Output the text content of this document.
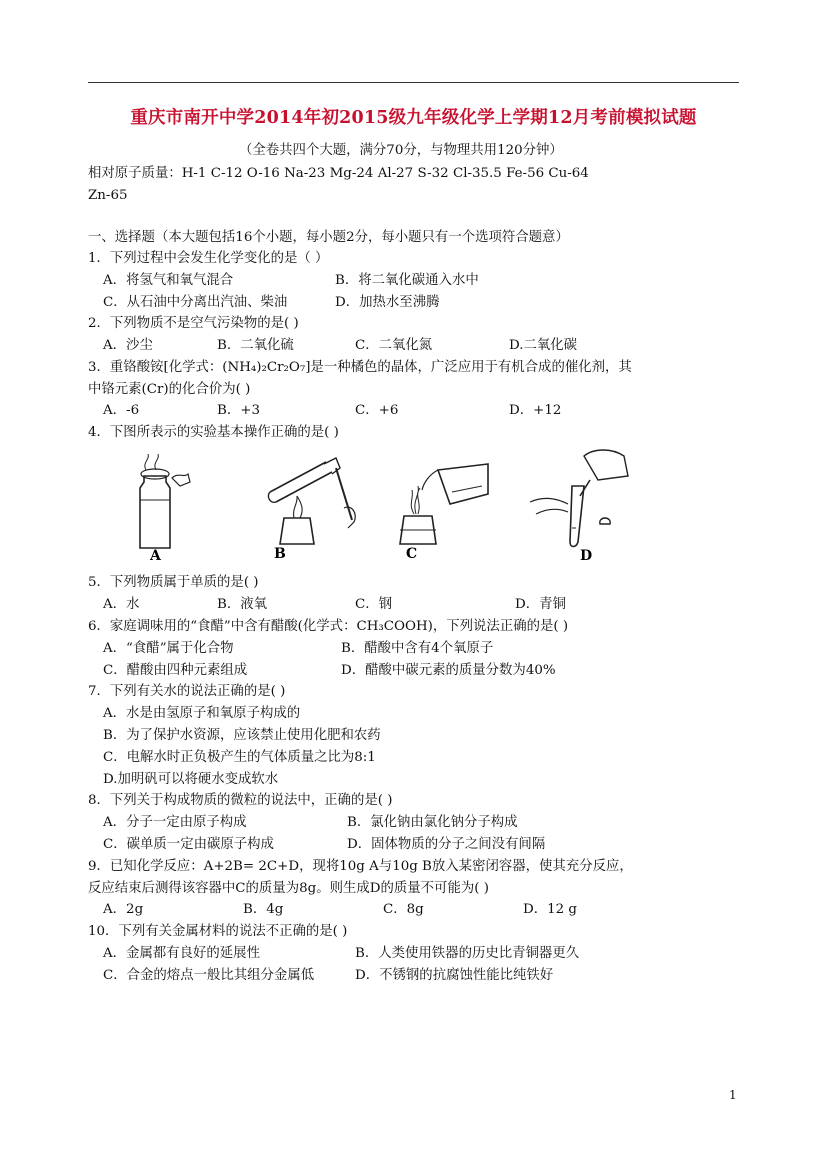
重庆市南开中学2014年初2015级九年级化学上学期12月考前模拟试题
（全卷共四个大题，满分70分，与物理共用120分钟）
相对原子质量：H-1 C-12 O-16 Na-23 Mg-24 Al-27 S-32 Cl-35.5 Fe-56 Cu-64
Zn-65
一、选择题（本大题包括16个小题，每小题2分，每小题只有一个选项符合题意）
1．下列过程中会发生化学变化的是（ ）
A．将氢气和氧气混合	B．将二氧化碳通入水中
C．从石油中分离出汽油、柴油	D．加热水至沸腾
2．下列物质不是空气污染物的是( )
A．沙尘	B．二氧化硫	C．二氧化氮	D.二氧化碳
3．重铬酸铵[化学式：(NH₄)₂Cr₂O₇]是一种橘色的晶体，广泛应用于有机合成的催化剂，其
中铬元素(Cr)的化合价为( )
A．-6	B．+3	C．+6	D．+12
4．下图所表示的实验基本操作正确的是( )
A	B	C	D
5．下列物质属于单质的是( )
A．水	B．液氧	C．钢	D．青铜
6．家庭调味用的“食醋”中含有醋酸(化学式：CH₃COOH)，下列说法正确的是( )
A．“食醋”属于化合物	B．醋酸中含有4个氧原子
C．醋酸由四种元素组成	D．醋酸中碳元素的质量分数为40%
7．下列有关水的说法正确的是( )
A．水是由氢原子和氧原子构成的
B．为了保护水资源，应该禁止使用化肥和农药
C．电解水时正负极产生的气体质量之比为8:1
D.加明矾可以将硬水变成软水
8．下列关于构成物质的微粒的说法中，正确的是( )
A．分子一定由原子构成	B．氯化钠由氯化钠分子构成
C．碳单质一定由碳原子构成	D．固体物质的分子之间没有间隔
9．已知化学反应：A+2B= 2C+D，现将10g A与10g B放入某密闭容器，使其充分反应，
反应结束后测得该容器中C的质量为8g。则生成D的质量不可能为( )
A．2g	B．4g	C．8g	D．12 g
10．下列有关金属材料的说法不正确的是( )
A．金属都有良好的延展性	B．人类使用铁器的历史比青铜器更久
C．合金的熔点一般比其组分金属低	D．不锈钢的抗腐蚀性能比纯铁好
1
